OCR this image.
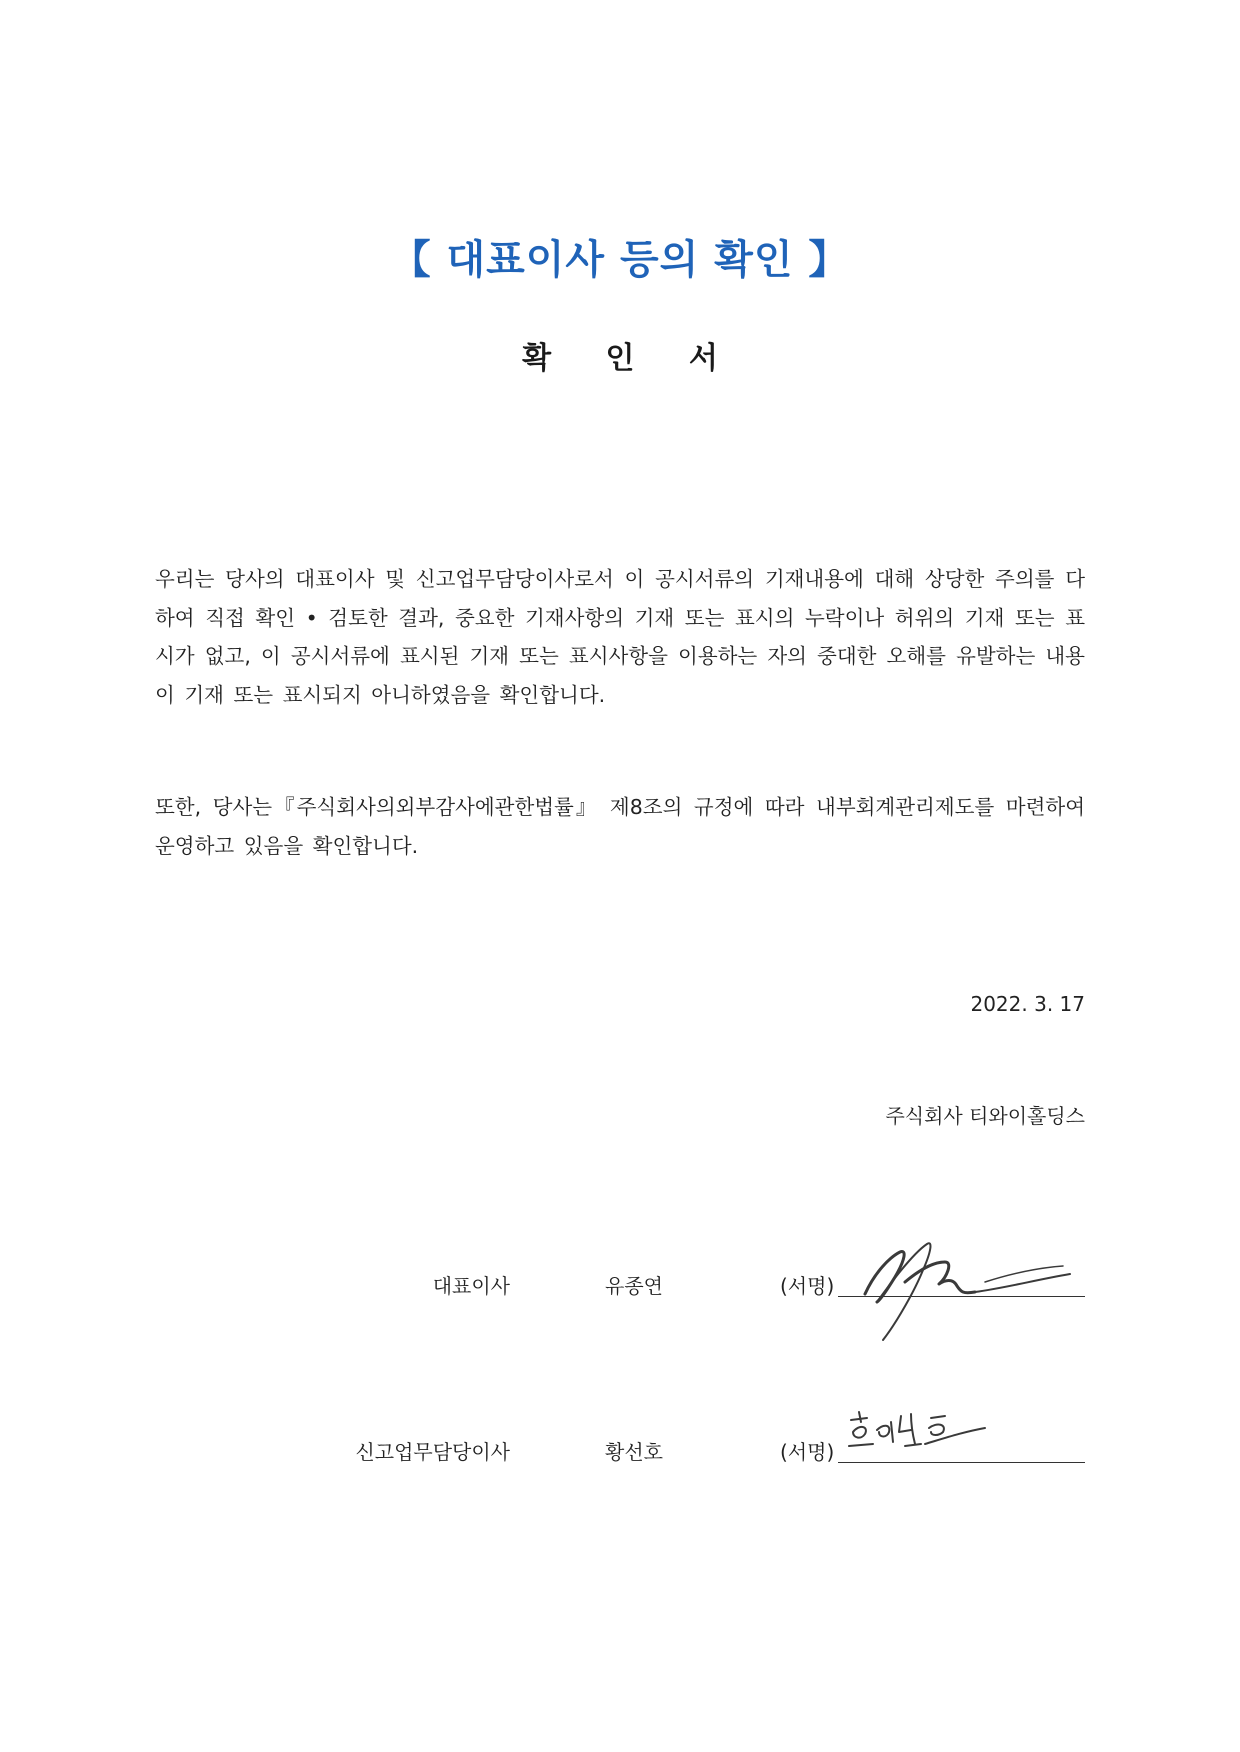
【 대표이사 등의 확인 】
확 인 서

우리는 당사의 대표이사 및 신고업무담당이사로서 이 공시서류의 기재내용에 대해 상당한 주의를 다하여 직접 확인 • 검토한 결과, 중요한 기재사항의 기재 또는 표시의 누락이나 허위의 기재 또는 표시가 없고, 이 공시서류에 표시된 기재 또는 표시사항을 이용하는 자의 중대한 오해를 유발하는 내용이 기재 또는 표시되지 아니하였음을 확인합니다.

또한, 당사는『주식회사의외부감사에관한법률』 제8조의 규정에 따라 내부회계관리제도를 마련하여 운영하고 있음을 확인합니다.

2022. 3. 17
주식회사 티와이홀딩스
대표이사	유종연	(서명)
신고업무담당이사	황선호	(서명)
